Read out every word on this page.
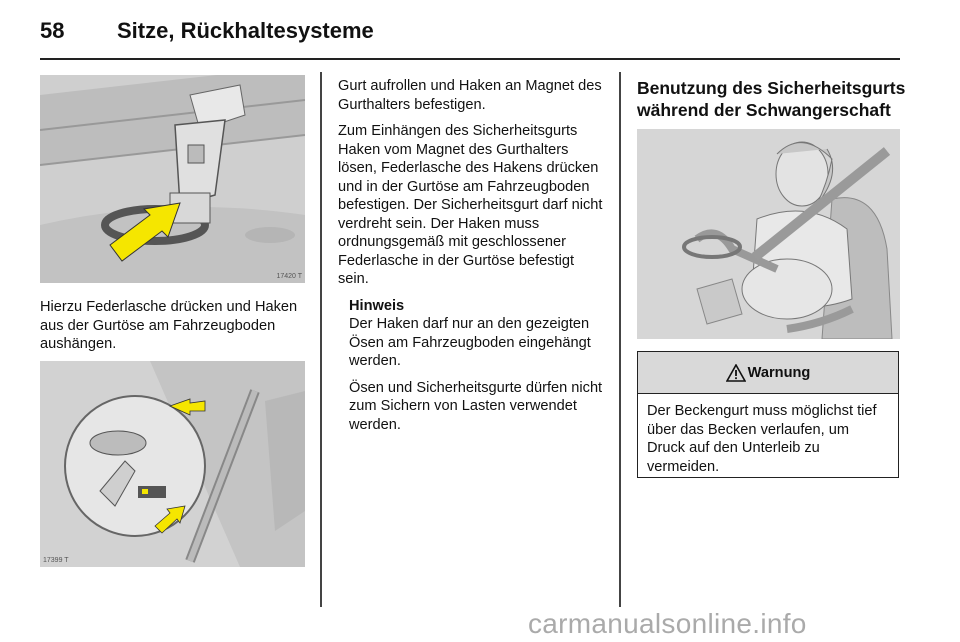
58 Sitze, Rückhaltesysteme
17420 T
Hierzu Federlasche drücken und Haken aus der Gurtöse am Fahrzeugboden aushängen.
17399 T

Gurt aufrollen und Haken an Magnet des Gurthalters befestigen.

Zum Einhängen des Sicherheitsgurts Haken vom Magnet des Gurthalters lösen, Federlasche des Hakens drücken und in der Gurtöse am Fahrzeugboden befestigen. Der Sicherheitsgurt darf nicht verdreht sein. Der Haken muss ordnungsgemäß mit geschlossener Federlasche in der Gurtöse befestigt sein.

Hinweis

Der Haken darf nur an den gezeigten Ösen am Fahrzeugboden eingehängt werden.

Ösen und Sicherheitsgurte dürfen nicht zum Sichern von Lasten verwendet werden.

Benutzung des Sicherheitsgurts während der Schwangerschaft
Warnung
Der Beckengurt muss möglichst tief über das Becken verlaufen, um Druck auf den Unterleib zu vermeiden.
carmanualsonline.info
